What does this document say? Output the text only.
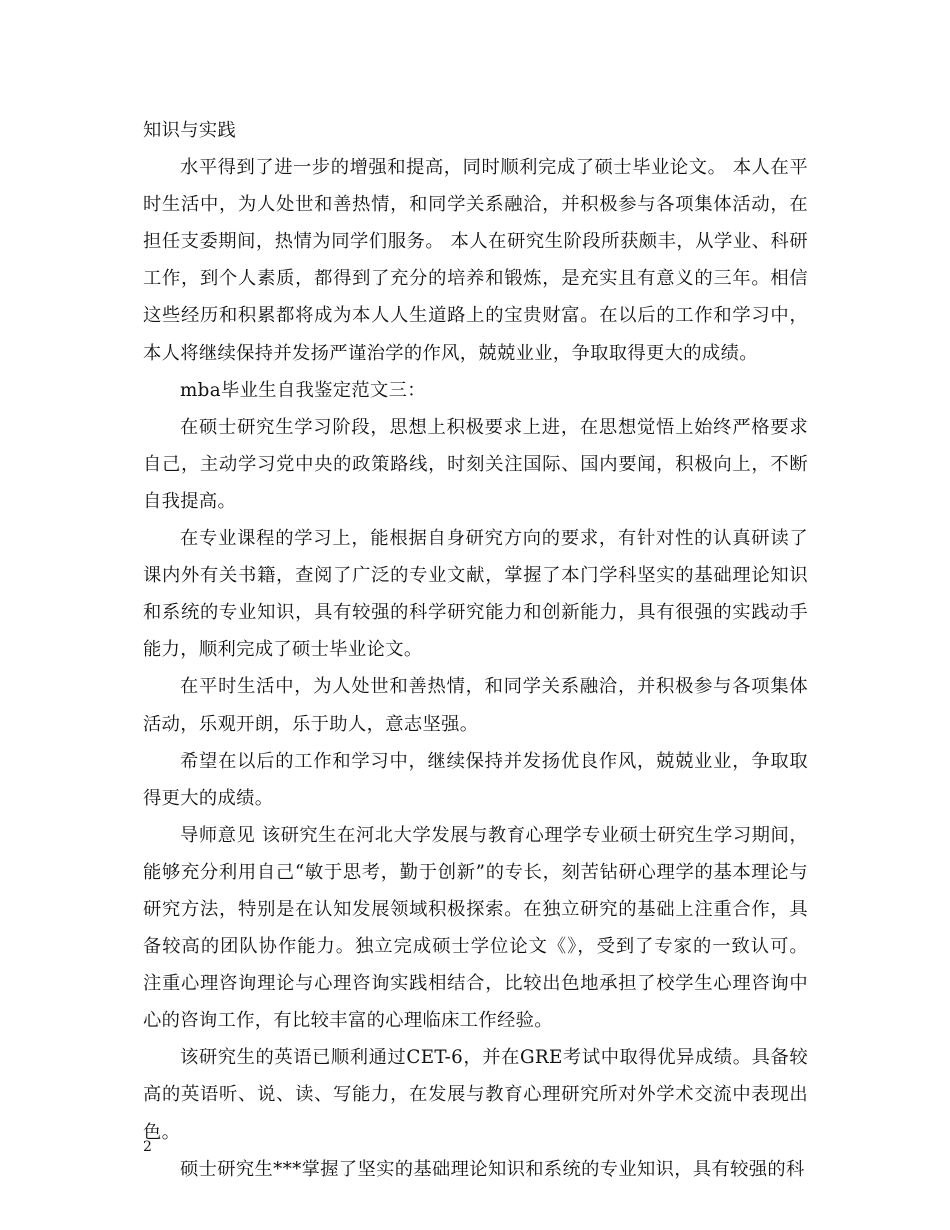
知识与实践

水平得到了进一步的增强和提高，同时顺利完成了硕士毕业论文。 本人在平时生活中，为人处世和善热情，和同学关系融洽，并积极参与各项集体活动，在担任支委期间，热情为同学们服务。 本人在研究生阶段所获颇丰，从学业、科研工作，到个人素质，都得到了充分的培养和锻炼，是充实且有意义的三年。相信这些经历和积累都将成为本人人生道路上的宝贵财富。在以后的工作和学习中，本人将继续保持并发扬严谨治学的作风，兢兢业业，争取取得更大的成绩。

mba毕业生自我鉴定范文三：

在硕士研究生学习阶段，思想上积极要求上进，在思想觉悟上始终严格要求自己，主动学习党中央的政策路线，时刻关注国际、国内要闻，积极向上，不断自我提高。

在专业课程的学习上，能根据自身研究方向的要求，有针对性的认真研读了课内外有关书籍，查阅了广泛的专业文献，掌握了本门学科坚实的基础理论知识和系统的专业知识，具有较强的科学研究能力和创新能力，具有很强的实践动手能力，顺利完成了硕士毕业论文。

在平时生活中，为人处世和善热情，和同学关系融洽，并积极参与各项集体活动，乐观开朗，乐于助人，意志坚强。

希望在以后的工作和学习中，继续保持并发扬优良作风，兢兢业业，争取取得更大的成绩。

导师意见 该研究生在河北大学发展与教育心理学专业硕士研究生学习期间，能够充分利用自己“敏于思考，勤于创新”的专长，刻苦钻研心理学的基本理论与研究方法，特别是在认知发展领域积极探索。在独立研究的基础上注重合作，具备较高的团队协作能力。独立完成硕士学位论文《》，受到了专家的一致认可。 注重心理咨询理论与心理咨询实践相结合，比较出色地承担了校学生心理咨询中心的咨询工作，有比较丰富的心理临床工作经验。

该研究生的英语已顺利通过CET-6，并在GRE考试中取得优异成绩。具备较高的英语听、说、读、写能力，在发展与教育心理研究所对外学术交流中表现出色。

硕士研究生***掌握了坚实的基础理论知识和系统的专业知识，具有较强的科

2
